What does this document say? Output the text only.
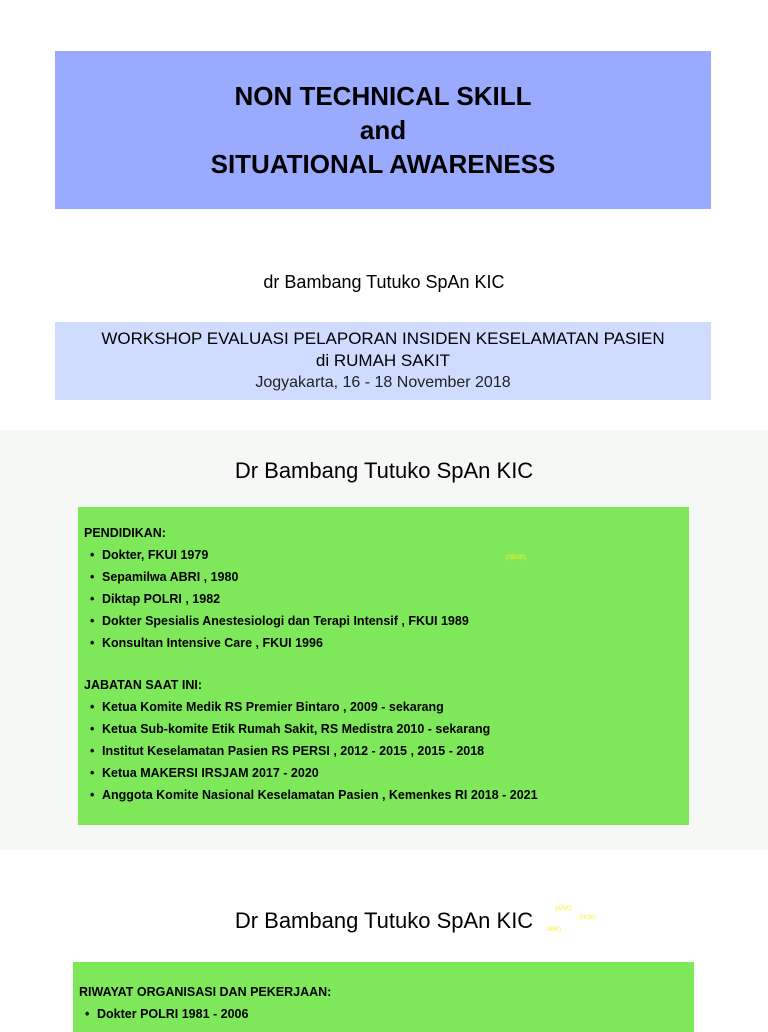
NON TECHNICAL SKILL
and
SITUATIONAL AWARENESS
dr Bambang Tutuko SpAn KIC
WORKSHOP EVALUASI PELAPORAN INSIDEN KESELAMATAN PASIEN
di RUMAH SAKIT
Jogyakarta, 16 - 18 November 2018
Dr Bambang Tutuko SpAn KIC
PENDIDIKAN:
• Dokter, FKUI 1979
• Sepamilwa ABRI , 1980
• Diktap POLRI , 1982
• Dokter Spesialis Anestesiologi dan Terapi Intensif , FKUI 1989
• Konsultan Intensive Care , FKUI 1996
JABATAN SAAT INI:
• Ketua Komite Medik RS Premier Bintaro , 2009 - sekarang
• Ketua Sub-komite Etik Rumah Sakit, RS Medistra 2010 - sekarang
• Institut Keselamatan Pasien RS PERSI , 2012 - 2015 , 2015 - 2018
• Ketua MAKERSI IRSJAM 2017 - 2020
• Anggota Komite Nasional Keselamatan Pasien , Kemenkes RI 2018 - 2021
(SBAB)
Dr Bambang Tutuko SpAn KIC	(ARK)
(HGK)
SBK)
RIWAYAT ORGANISASI DAN PEKERJAAN:
• Dokter POLRI 1981 - 2006
